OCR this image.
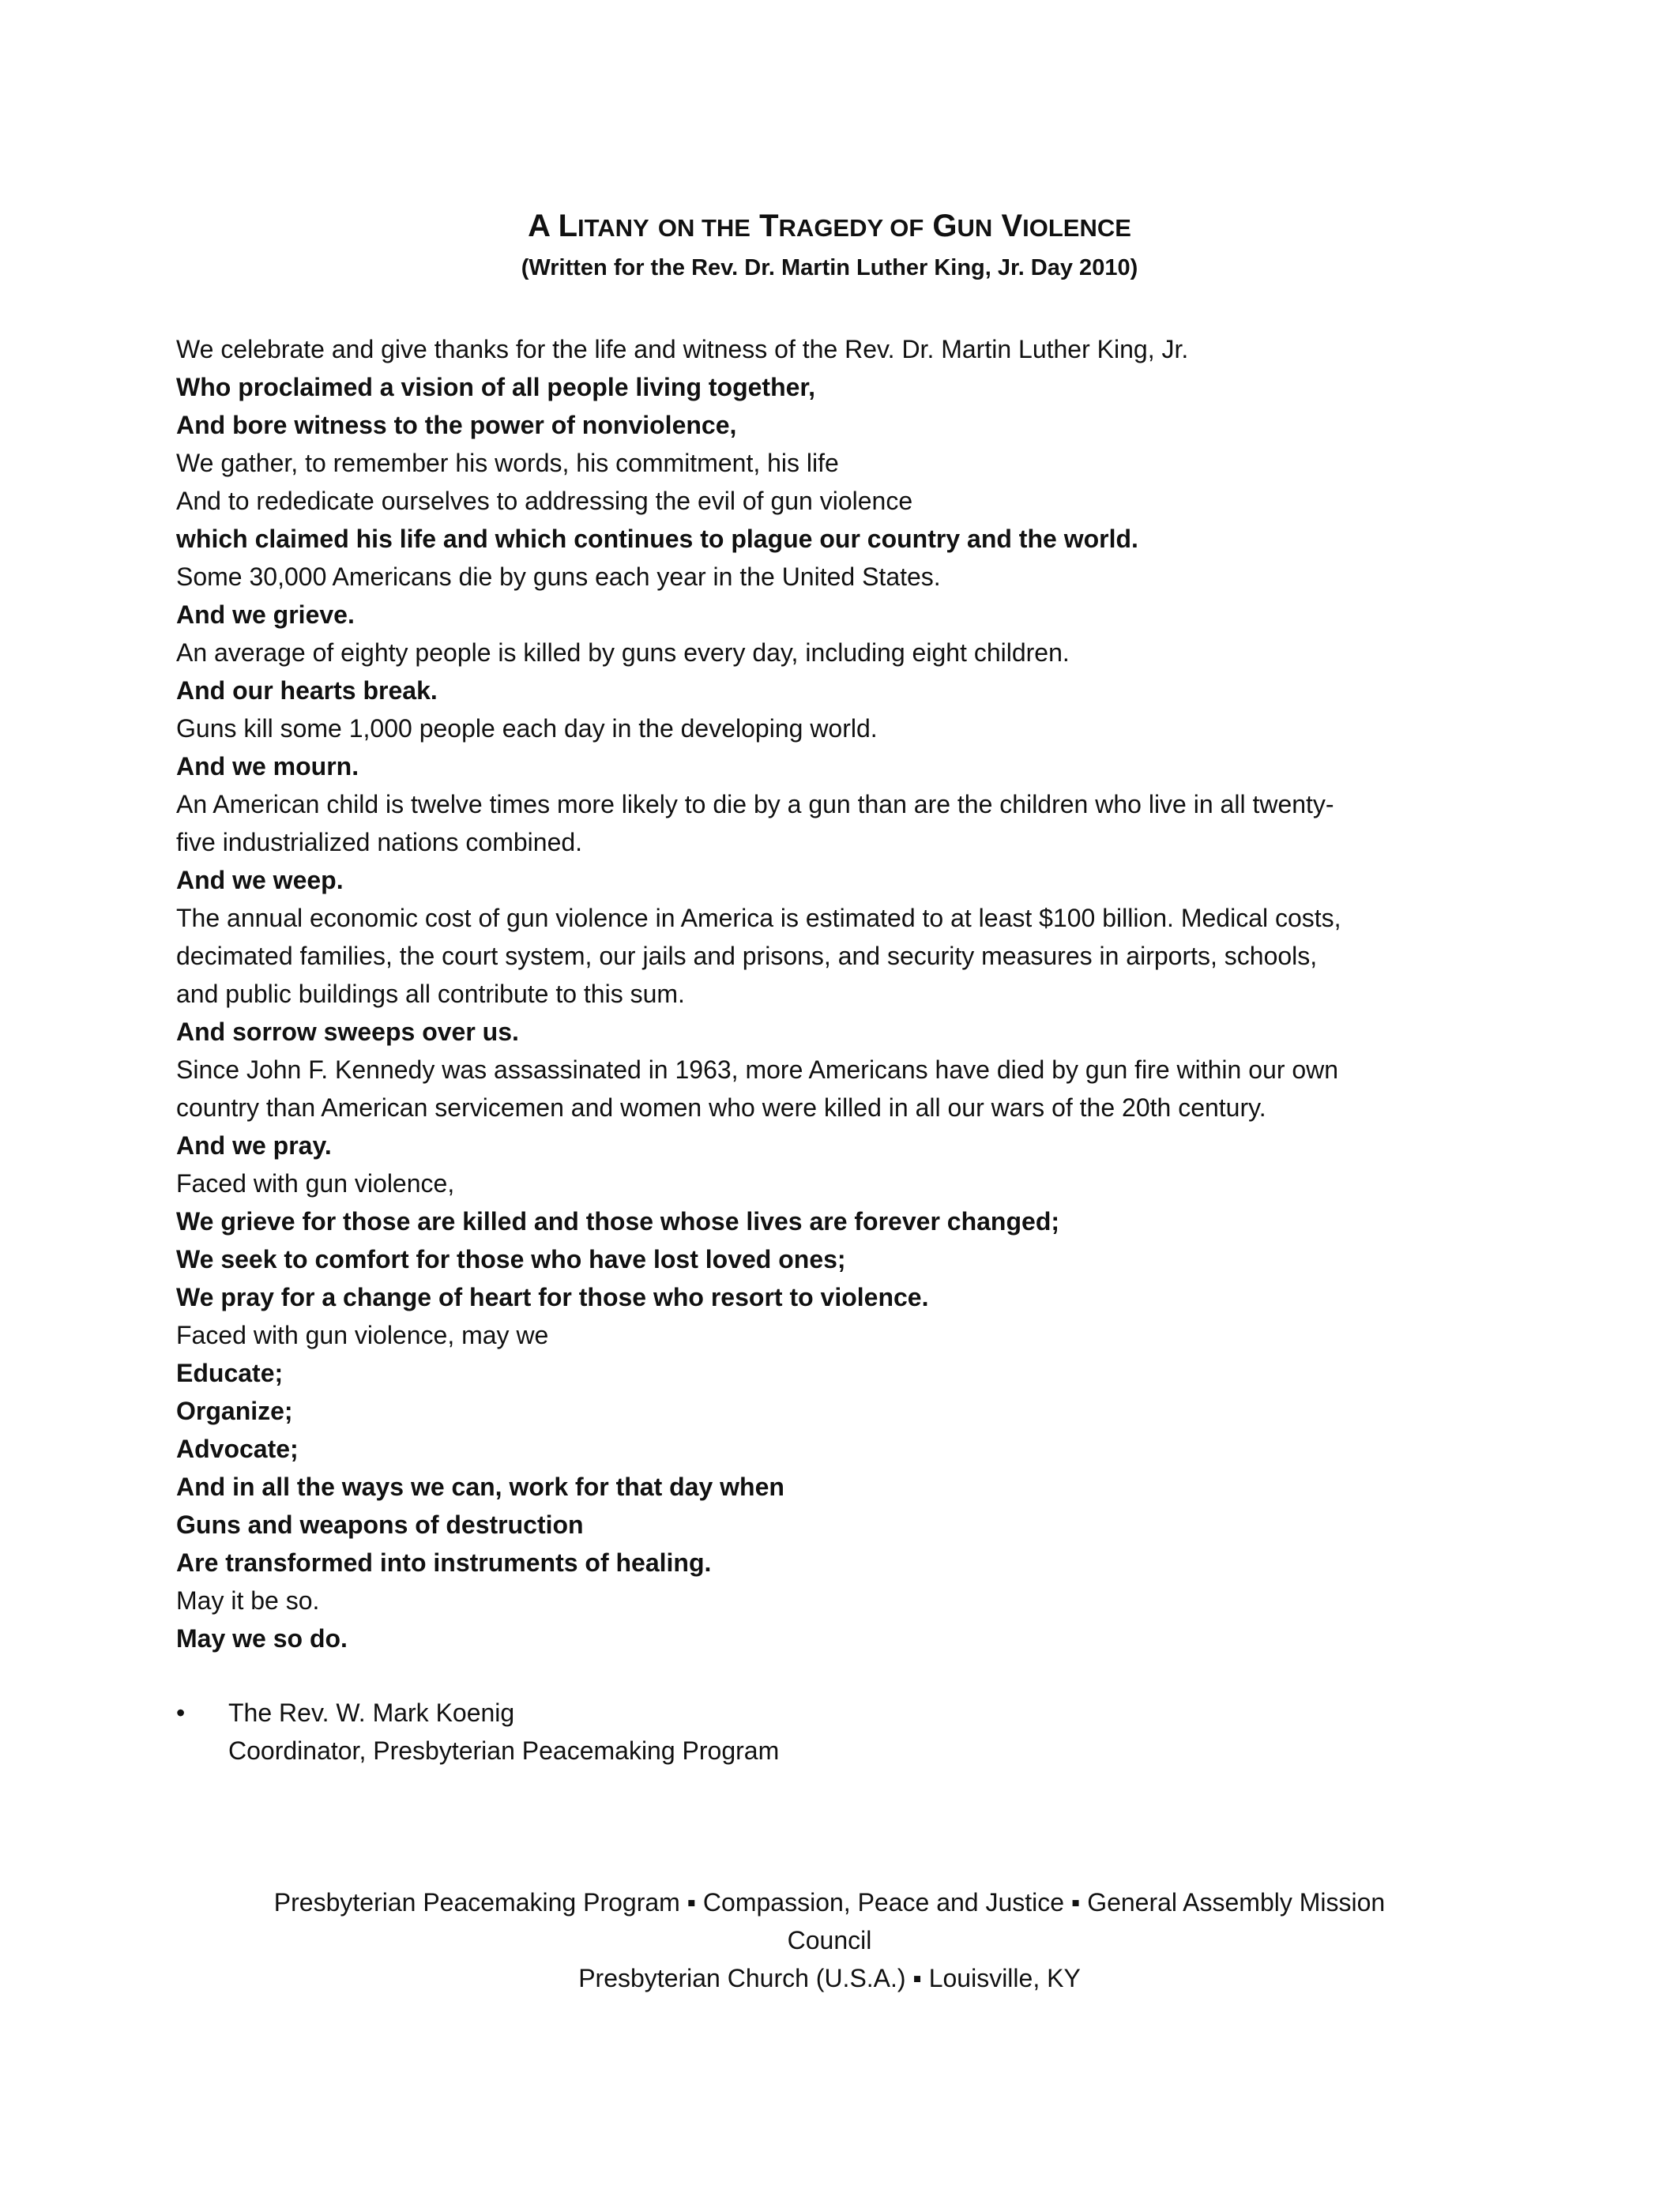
A LITANY ON THE TRAGEDY OF GUN VIOLENCE

(Written for the Rev. Dr. Martin Luther King, Jr. Day 2010)

We celebrate and give thanks for the life and witness of the Rev. Dr. Martin Luther King, Jr.
Who proclaimed a vision of all people living together,
And bore witness to the power of nonviolence,
We gather, to remember his words, his commitment, his life
And to rededicate ourselves to addressing the evil of gun violence
which claimed his life and which continues to plague our country and the world.
Some 30,000 Americans die by guns each year in the United States.
And we grieve.
An average of eighty people is killed by guns every day, including eight children.
And our hearts break.
Guns kill some 1,000 people each day in the developing world.
And we mourn.
An American child is twelve times more likely to die by a gun than are the children who live in all twenty-
five industrialized nations combined.
And we weep.
The annual economic cost of gun violence in America is estimated to at least $100 billion. Medical costs,
decimated families, the court system, our jails and prisons, and security measures in airports, schools,
and public buildings all contribute to this sum.
And sorrow sweeps over us.
Since John F. Kennedy was assassinated in 1963, more Americans have died by gun fire within our own
country than American servicemen and women who were killed in all our wars of the 20th century.
And we pray.
Faced with gun violence,
We grieve for those are killed and those whose lives are forever changed;
We seek to comfort for those who have lost loved ones;
We pray for a change of heart for those who resort to violence.
Faced with gun violence, may we
Educate;
Organize;
Advocate;
And in all the ways we can, work for that day when
Guns and weapons of destruction
Are transformed into instruments of healing.
May it be so.
May we so do.
•	The Rev. W. Mark Koenig
Coordinator, Presbyterian Peacemaking Program
Presbyterian Peacemaking Program ▪ Compassion, Peace and Justice ▪ General Assembly Mission
Council
Presbyterian Church (U.S.A.) ▪ Louisville, KY
